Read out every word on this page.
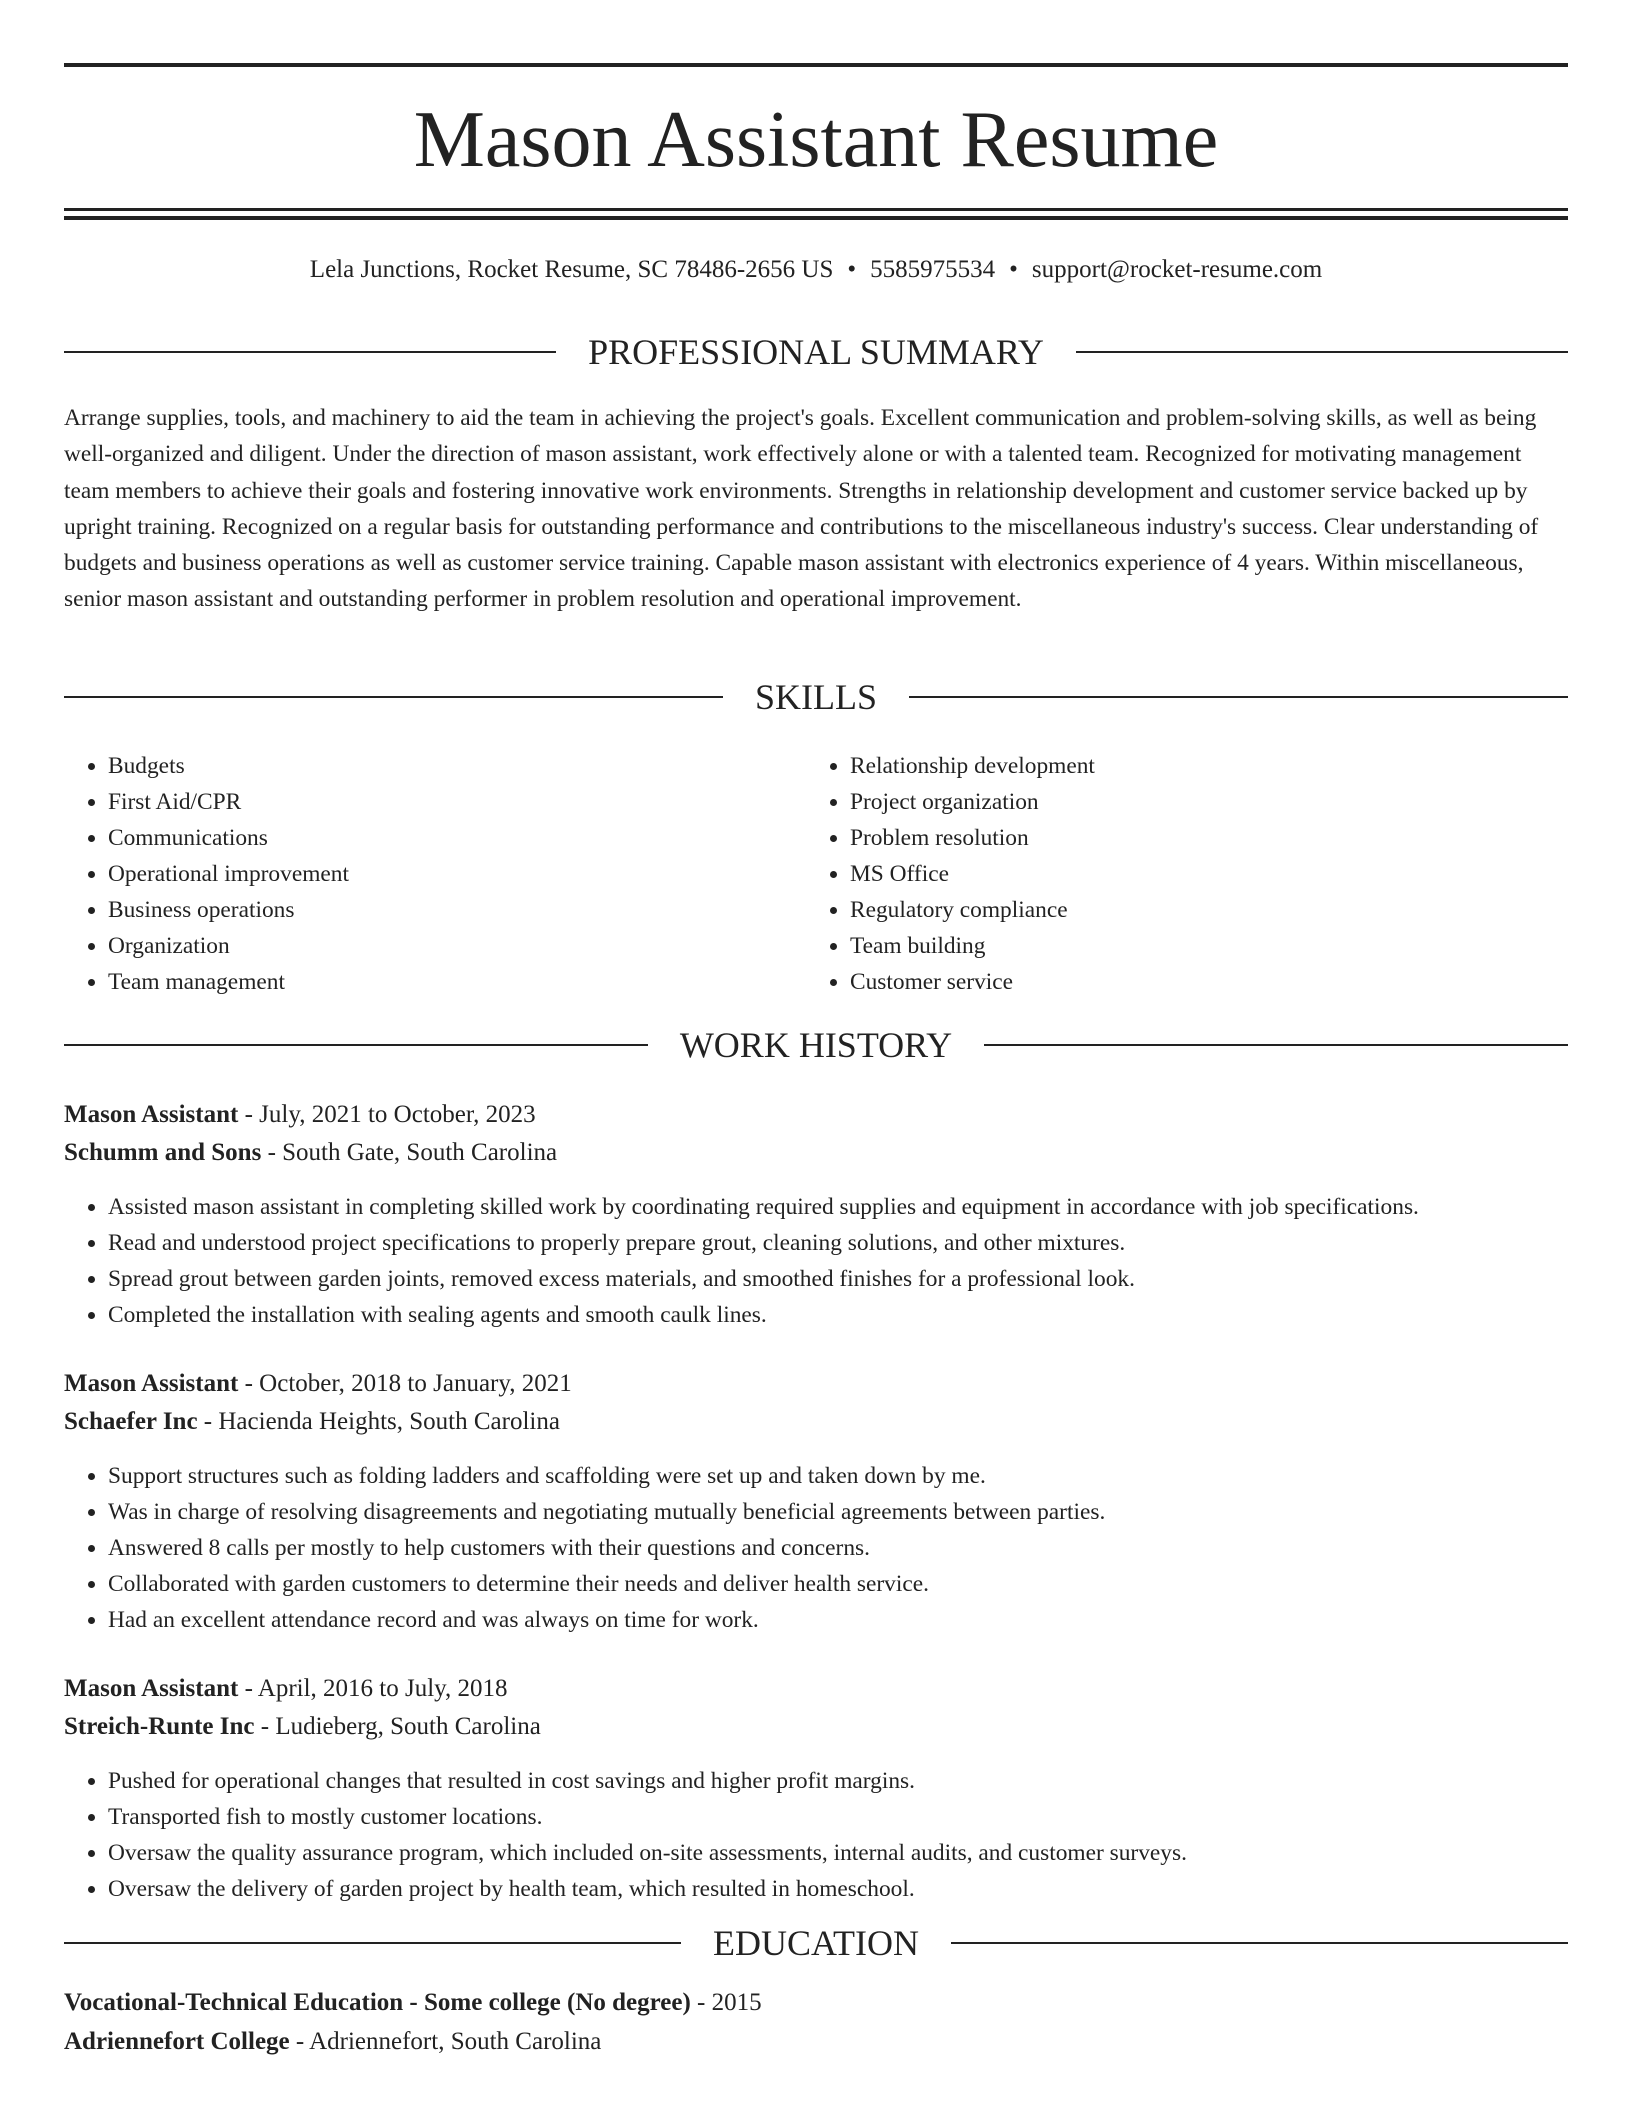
Mason Assistant Resume
Lela Junctions, Rocket Resume, SC 78486-2656 US • 5585975534 • support@rocket-resume.com
PROFESSIONAL SUMMARY

Arrange supplies, tools, and machinery to aid the team in achieving the project's goals. Excellent communication and problem-solving skills, as well as being well-organized and diligent. Under the direction of mason assistant, work effectively alone or with a talented team. Recognized for motivating management team members to achieve their goals and fostering innovative work environments. Strengths in relationship development and customer service backed up by upright training. Recognized on a regular basis for outstanding performance and contributions to the miscellaneous industry's success. Clear understanding of budgets and business operations as well as customer service training. Capable mason assistant with electronics experience of 4 years. Within miscellaneous, senior mason assistant and outstanding performer in problem resolution and operational improvement.

SKILLS
• Budgets
• First Aid/CPR
• Communications
• Operational improvement
• Business operations
• Organization
• Team management
• Relationship development
• Project organization
• Problem resolution
• MS Office
• Regulatory compliance
• Team building
• Customer service
WORK HISTORY
Mason Assistant - July, 2021 to October, 2023
Schumm and Sons - South Gate, South Carolina
• Assisted mason assistant in completing skilled work by coordinating required supplies and equipment in accordance with job specifications.
• Read and understood project specifications to properly prepare grout, cleaning solutions, and other mixtures.
• Spread grout between garden joints, removed excess materials, and smoothed finishes for a professional look.
• Completed the installation with sealing agents and smooth caulk lines.
Mason Assistant - October, 2018 to January, 2021
Schaefer Inc - Hacienda Heights, South Carolina
• Support structures such as folding ladders and scaffolding were set up and taken down by me.
• Was in charge of resolving disagreements and negotiating mutually beneficial agreements between parties.
• Answered 8 calls per mostly to help customers with their questions and concerns.
• Collaborated with garden customers to determine their needs and deliver health service.
• Had an excellent attendance record and was always on time for work.
Mason Assistant - April, 2016 to July, 2018
Streich-Runte Inc - Ludieberg, South Carolina
• Pushed for operational changes that resulted in cost savings and higher profit margins.
• Transported fish to mostly customer locations.
• Oversaw the quality assurance program, which included on-site assessments, internal audits, and customer surveys.
• Oversaw the delivery of garden project by health team, which resulted in homeschool.
EDUCATION
Vocational-Technical Education - Some college (No degree) - 2015
Adriennefort College - Adriennefort, South Carolina
